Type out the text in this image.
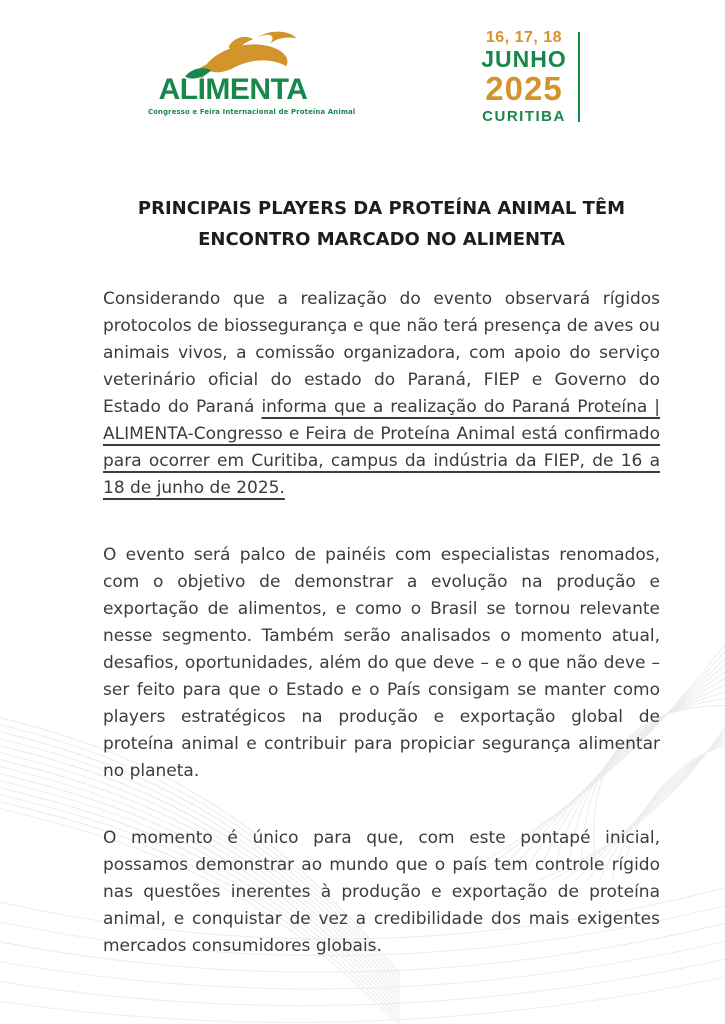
ALIMENTA
Congresso e Feira Internacional de Proteína Animal
16, 17, 18
JUNHO
2025
CURITIBA
PRINCIPAIS PLAYERS DA PROTEÍNA ANIMAL TÊM ENCONTRO MARCADO NO ALIMENTA

Considerando que a realização do evento observará rígidos protocolos de biossegurança e que não terá presença de aves ou animais vivos, a comissão organizadora, com apoio do serviço veterinário oficial do estado do Paraná, FIEP e Governo do Estado do Paraná informa que a realização do Paraná Proteína | ALIMENTA-Congresso e Feira de Proteína Animal está confirmado para ocorrer em Curitiba, campus da indústria da FIEP, de 16 a 18 de junho de 2025.

O evento será palco de painéis com especialistas renomados, com o objetivo de demonstrar a evolução na produção e exportação de alimentos, e como o Brasil se tornou relevante nesse segmento. Também serão analisados o momento atual, desafios, oportunidades, além do que deve – e o que não deve – ser feito para que o Estado e o País consigam se manter como players estratégicos na produção e exportação global de proteína animal e contribuir para propiciar segurança alimentar no planeta.

O momento é único para que, com este pontapé inicial, possamos demonstrar ao mundo que o país tem controle rígido nas questões inerentes à produção e exportação de proteína animal, e conquistar de vez a credibilidade dos mais exigentes mercados consumidores globais.
